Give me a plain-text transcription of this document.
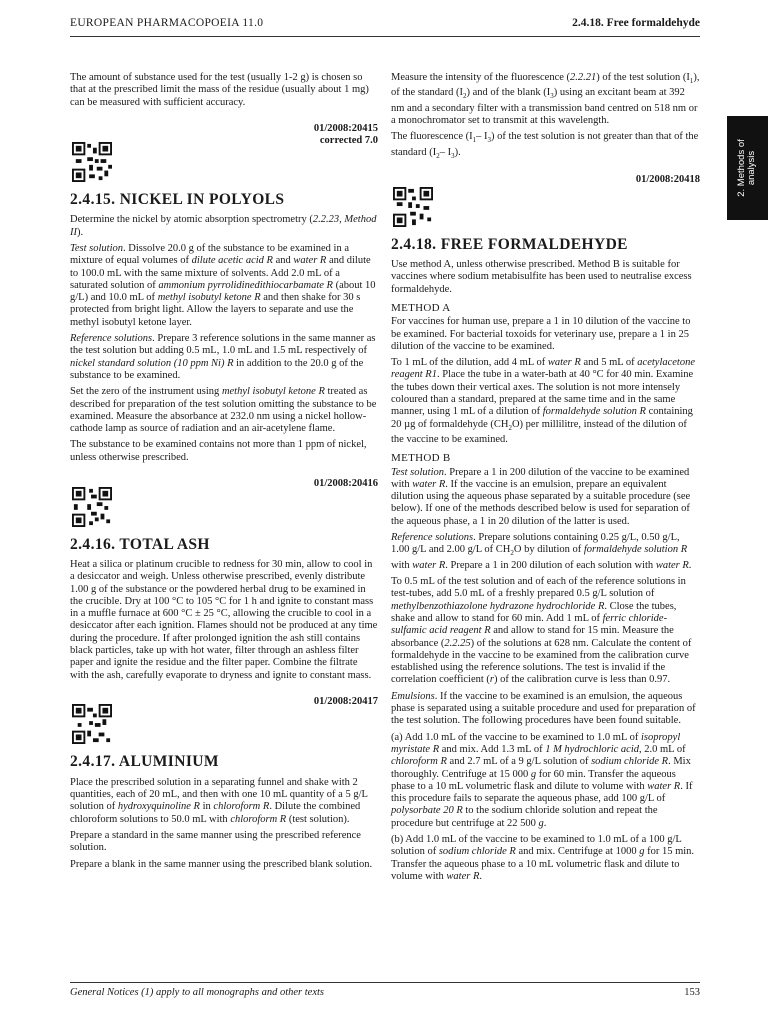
EUROPEAN PHARMACOPOEIA 11.0	2.4.18. Free formaldehyde
2. Methods of analysis

The amount of substance used for the test (usually 1-2 g) is chosen so that at the prescribed limit the mass of the residue (usually about 1 mg) can be measured with sufficient accuracy.

01/2008:20415
corrected 7.0
2.4.15. NICKEL IN POLYOLS

Determine the nickel by atomic absorption spectrometry (2.2.23, Method II).

Test solution. Dissolve 20.0 g of the substance to be examined in a mixture of equal volumes of dilute acetic acid R and water R and dilute to 100.0 mL with the same mixture of solvents. Add 2.0 mL of a saturated solution of ammonium pyrrolidinedithiocarbamate R (about 10 g/L) and 10.0 mL of methyl isobutyl ketone R and then shake for 30 s protected from bright light. Allow the layers to separate and use the methyl isobutyl ketone layer.

Reference solutions. Prepare 3 reference solutions in the same manner as the test solution but adding 0.5 mL, 1.0 mL and 1.5 mL respectively of nickel standard solution (10 ppm Ni) R in addition to the 20.0 g of the substance to be examined.

Set the zero of the instrument using methyl isobutyl ketone R treated as described for preparation of the test solution omitting the substance to be examined. Measure the absorbance at 232.0 nm using a nickel hollow-cathode lamp as source of radiation and an air-acetylene flame.

The substance to be examined contains not more than 1 ppm of nickel, unless otherwise prescribed.

01/2008:20416
2.4.16. TOTAL ASH

Heat a silica or platinum crucible to redness for 30 min, allow to cool in a desiccator and weigh. Unless otherwise prescribed, evenly distribute 1.00 g of the substance or the powdered herbal drug to be examined in the crucible. Dry at 100 °C to 105 °C for 1 h and ignite to constant mass in a muffle furnace at 600 °C ± 25 °C, allowing the crucible to cool in a desiccator after each ignition. Flames should not be produced at any time during the procedure. If after prolonged ignition the ash still contains black particles, take up with hot water, filter through an ashless filter paper and ignite the residue and the filter paper. Combine the filtrate with the ash, carefully evaporate to dryness and ignite to constant mass.

01/2008:20417
2.4.17. ALUMINIUM

Place the prescribed solution in a separating funnel and shake with 2 quantities, each of 20 mL, and then with one 10 mL quantity of a 5 g/L solution of hydroxyquinoline R in chloroform R. Dilute the combined chloroform solutions to 50.0 mL with chloroform R (test solution).

Prepare a standard in the same manner using the prescribed reference solution.

Prepare a blank in the same manner using the prescribed blank solution.

Measure the intensity of the fluorescence (2.2.21) of the test solution $(I_1)$, of the standard $(I_2)$ and of the blank $(I_3)$ using an excitant beam at 392 nm and a secondary filter with a transmission band centred on 518 nm or a monochromator set to transmit at this wavelength.

The fluorescence ($I_1-$ $I_3$) of the test solution is not greater than that of the standard ($I_2-$ $I_3$).

01/2008:20418
2.4.18. FREE FORMALDEHYDE

Use method A, unless otherwise prescribed. Method B is suitable for vaccines where sodium metabisulfite has been used to neutralise excess formaldehyde.

METHOD A

For vaccines for human use, prepare a 1 in 10 dilution of the vaccine to be examined. For bacterial toxoids for veterinary use, prepare a 1 in 25 dilution of the vaccine to be examined.

To 1 mL of the dilution, add 4 mL of water R and 5 mL of acetylacetone reagent R1. Place the tube in a water-bath at 40 °C for 40 min. Examine the tubes down their vertical axes. The solution is not more intensely coloured than a standard, prepared at the same time and in the same manner, using 1 mL of a dilution of formaldehyde solution R containing 20 µg of formaldehyde $(CH_2O)$ per millilitre, instead of the dilution of the vaccine to be examined.

METHOD B

Test solution. Prepare a 1 in 200 dilution of the vaccine to be examined with water R. If the vaccine is an emulsion, prepare an equivalent dilution using the aqueous phase separated by a suitable procedure (see below). If one of the methods described below is used for separation of the aqueous phase, a 1 in 20 dilution of the latter is used.

Reference solutions. Prepare solutions containing 0.25 g/L, 0.50 g/L, 1.00 g/L and 2.00 g/L of $CH_2O$ by dilution of formaldehyde solution R with water R. Prepare a 1 in 200 dilution of each solution with water R.

To 0.5 mL of the test solution and of each of the reference solutions in test-tubes, add 5.0 mL of a freshly prepared 0.5 g/L solution of methylbenzothiazolone hydrazone hydrochloride R. Close the tubes, shake and allow to stand for 60 min. Add 1 mL of ferric chloride-sulfamic acid reagent R and allow to stand for 15 min. Measure the absorbance (2.2.25) of the solutions at 628 nm. Calculate the content of formaldehyde in the vaccine to be examined from the calibration curve established using the reference solutions. The test is invalid if the correlation coefficient (r) of the calibration curve is less than 0.97.

Emulsions. If the vaccine to be examined is an emulsion, the aqueous phase is separated using a suitable procedure and used for preparation of the test solution. The following procedures have been found suitable.

(a) Add 1.0 mL of the vaccine to be examined to 1.0 mL of isopropyl myristate R and mix. Add 1.3 mL of 1 M hydrochloric acid, 2.0 mL of chloroform R and 2.7 mL of a 9 g/L solution of sodium chloride R. Mix thoroughly. Centrifuge at 15 000 g for 60 min. Transfer the aqueous phase to a 10 mL volumetric flask and dilute to volume with water R. If this procedure fails to separate the aqueous phase, add 100 g/L of polysorbate 20 R to the sodium chloride solution and repeat the procedure but centrifuge at 22 500 g.

(b) Add 1.0 mL of the vaccine to be examined to 1.0 mL of a 100 g/L solution of sodium chloride R and mix. Centrifuge at 1000 g for 15 min. Transfer the aqueous phase to a 10 mL volumetric flask and dilute to volume with water R.

General Notices (1) apply to all monographs and other texts	153
